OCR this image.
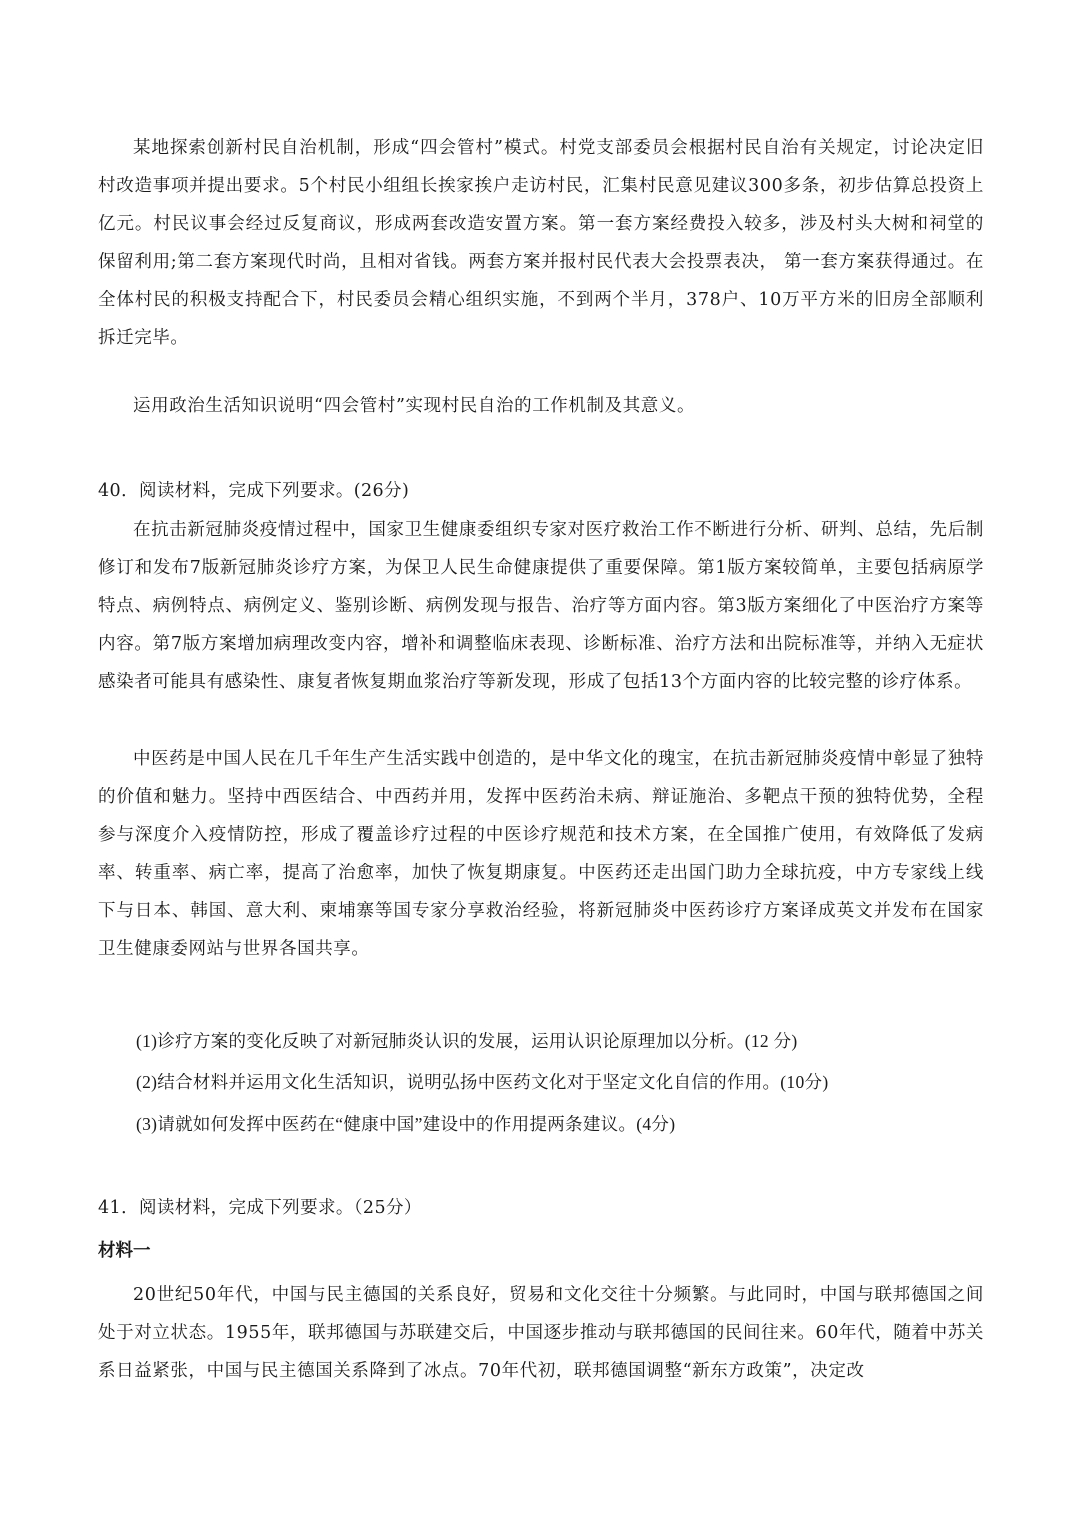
某地探索创新村民自治机制，形成“四会管村”模式。村党支部委员会根据村民自治有关规定，讨论决定旧村改造事项并提出要求。5个村民小组组长挨家挨户走访村民，汇集村民意见建议300多条，初步估算总投资上亿元。村民议事会经过反复商议，形成两套改造安置方案。第一套方案经费投入较多，涉及村头大树和祠堂的保留利用;第二套方案现代时尚，且相对省钱。两套方案并报村民代表大会投票表决， 第一套方案获得通过。在全体村民的积极支持配合下，村民委员会精心组织实施，不到两个半月，378户、10万平方米的旧房全部顺利拆迁完毕。

运用政治生活知识说明“四会管村”实现村民自治的工作机制及其意义。

40．阅读材料，完成下列要求。(26分)

在抗击新冠肺炎疫情过程中，国家卫生健康委组织专家对医疗救治工作不断进行分析、研判、总结，先后制修订和发布7版新冠肺炎诊疗方案，为保卫人民生命健康提供了重要保障。第1版方案较简单，主要包括病原学特点、病例特点、病例定义、鉴别诊断、病例发现与报告、治疗等方面内容。第3版方案细化了中医治疗方案等内容。第7版方案增加病理改变内容，增补和调整临床表现、诊断标准、治疗方法和出院标准等，并纳入无症状感染者可能具有感染性、康复者恢复期血浆治疗等新发现，形成了包括13个方面内容的比较完整的诊疗体系。

中医药是中国人民在几千年生产生活实践中创造的，是中华文化的瑰宝，在抗击新冠肺炎疫情中彰显了独特的价值和魅力。坚持中西医结合、中西药并用，发挥中医药治未病、辩证施治、多靶点干预的独特优势，全程参与深度介入疫情防控，形成了覆盖诊疗过程的中医诊疗规范和技术方案，在全国推广使用，有效降低了发病率、转重率、病亡率，提高了治愈率，加快了恢复期康复。中医药还走出国门助力全球抗疫，中方专家线上线下与日本、韩国、意大利、柬埔寨等国专家分享救治经验，将新冠肺炎中医药诊疗方案译成英文并发布在国家卫生健康委网站与世界各国共享。

(1)诊疗方案的变化反映了对新冠肺炎认识的发展，运用认识论原理加以分析。(12 分)

(2)结合材料并运用文化生活知识，说明弘扬中医药文化对于坚定文化自信的作用。(10分)

(3)请就如何发挥中医药在“健康中国”建设中的作用提两条建议。(4分)

41．阅读材料，完成下列要求。（25分）

材料一

20世纪50年代，中国与民主德国的关系良好，贸易和文化交往十分频繁。与此同时，中国与联邦德国之间处于对立状态。1955年，联邦德国与苏联建交后，中国逐步推动与联邦德国的民间往来。60年代，随着中苏关系日益紧张，中国与民主德国关系降到了冰点。70年代初，联邦德国调整“新东方政策”，决定改
